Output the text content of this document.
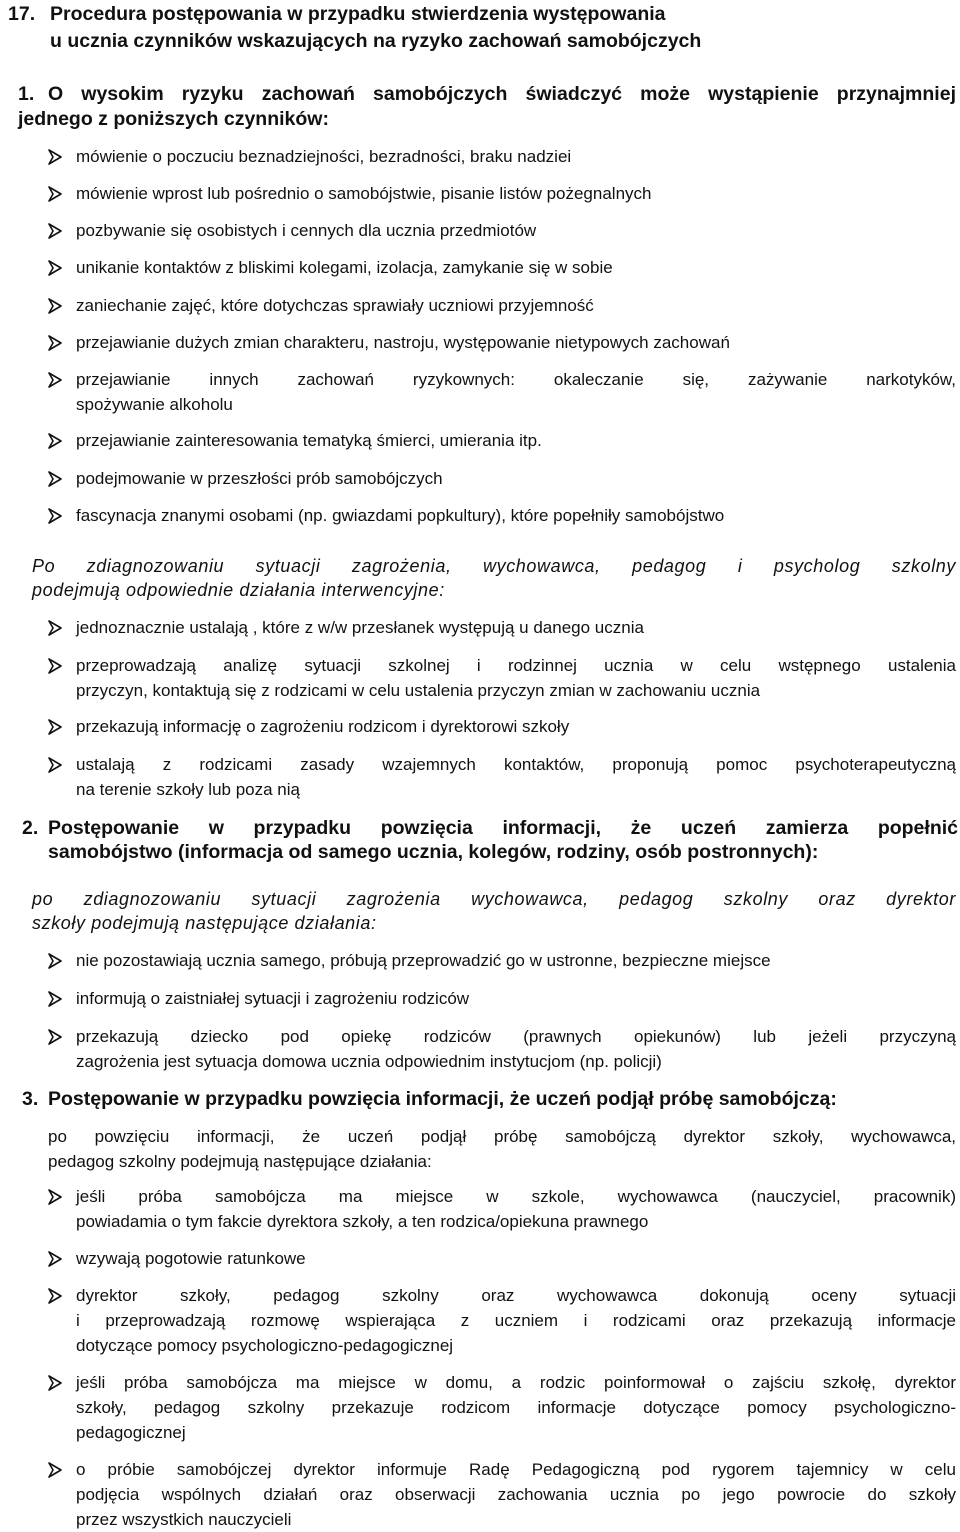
17. Procedura postępowania w przypadku stwierdzenia występowania
u ucznia czynników wskazujących na ryzyko zachowań samobójczych
1. O wysokim ryzyku zachowań samobójczych świadczyć może wystąpienie przynajmniej
jednego z poniższych czynników:
mówienie o poczuciu beznadziejności, bezradności, braku nadziei
mówienie wprost lub pośrednio o samobójstwie, pisanie listów pożegnalnych
pozbywanie się osobistych i cennych dla ucznia przedmiotów
unikanie kontaktów z bliskimi kolegami, izolacja, zamykanie się w sobie
zaniechanie zajęć, które dotychczas sprawiały uczniowi przyjemność
przejawianie dużych zmian charakteru, nastroju, występowanie nietypowych zachowań
przejawianie innych zachowań ryzykownych: okaleczanie się, zażywanie narkotyków,
spożywanie alkoholu
przejawianie zainteresowania tematyką śmierci, umierania itp.
podejmowanie w przeszłości prób samobójczych
fascynacja znanymi osobami (np. gwiazdami popkultury), które popełniły samobójstwo
Po zdiagnozowaniu sytuacji zagrożenia, wychowawca, pedagog i psycholog szkolny
podejmują odpowiednie działania interwencyjne:
jednoznacznie ustalają , które z w/w przesłanek występują u danego ucznia
przeprowadzają analizę sytuacji szkolnej i rodzinnej ucznia w celu wstępnego ustalenia
przyczyn, kontaktują się z rodzicami w celu ustalenia przyczyn zmian w zachowaniu ucznia
przekazują informację o zagrożeniu rodzicom i dyrektorowi szkoły
ustalają z rodzicami zasady wzajemnych kontaktów, proponują pomoc psychoterapeutyczną
na terenie szkoły lub poza nią
2. Postępowanie w przypadku powzięcia informacji, że uczeń zamierza popełnić
samobójstwo (informacja od samego ucznia, kolegów, rodziny, osób postronnych):
po zdiagnozowaniu sytuacji zagrożenia wychowawca, pedagog szkolny oraz dyrektor
szkoły podejmują następujące działania:
nie pozostawiają ucznia samego, próbują przeprowadzić go w ustronne, bezpieczne miejsce
informują o zaistniałej sytuacji i zagrożeniu rodziców
przekazują dziecko pod opiekę rodziców (prawnych opiekunów) lub jeżeli przyczyną
zagrożenia jest sytuacja domowa ucznia odpowiednim instytucjom (np. policji)
3. Postępowanie w przypadku powzięcia informacji, że uczeń podjął próbę samobójczą:
po powzięciu informacji, że uczeń podjął próbę samobójczą dyrektor szkoły, wychowawca,
pedagog szkolny podejmują następujące działania:
jeśli próba samobójcza ma miejsce w szkole, wychowawca (nauczyciel, pracownik)
powiadamia o tym fakcie dyrektora szkoły, a ten rodzica/opiekuna prawnego
wzywają pogotowie ratunkowe
dyrektor szkoły, pedagog szkolny oraz wychowawca dokonują oceny sytuacji
i przeprowadzają rozmowę wspierająca z uczniem i rodzicami oraz przekazują informacje
dotyczące pomocy psychologiczno-pedagogicznej
jeśli próba samobójcza ma miejsce w domu, a rodzic poinformował o zajściu szkołę, dyrektor
szkoły, pedagog szkolny przekazuje rodzicom informacje dotyczące pomocy psychologiczno-
pedagogicznej
o próbie samobójczej dyrektor informuje Radę Pedagogiczną pod rygorem tajemnicy w celu
podjęcia wspólnych działań oraz obserwacji zachowania ucznia po jego powrocie do szkoły
przez wszystkich nauczycieli
